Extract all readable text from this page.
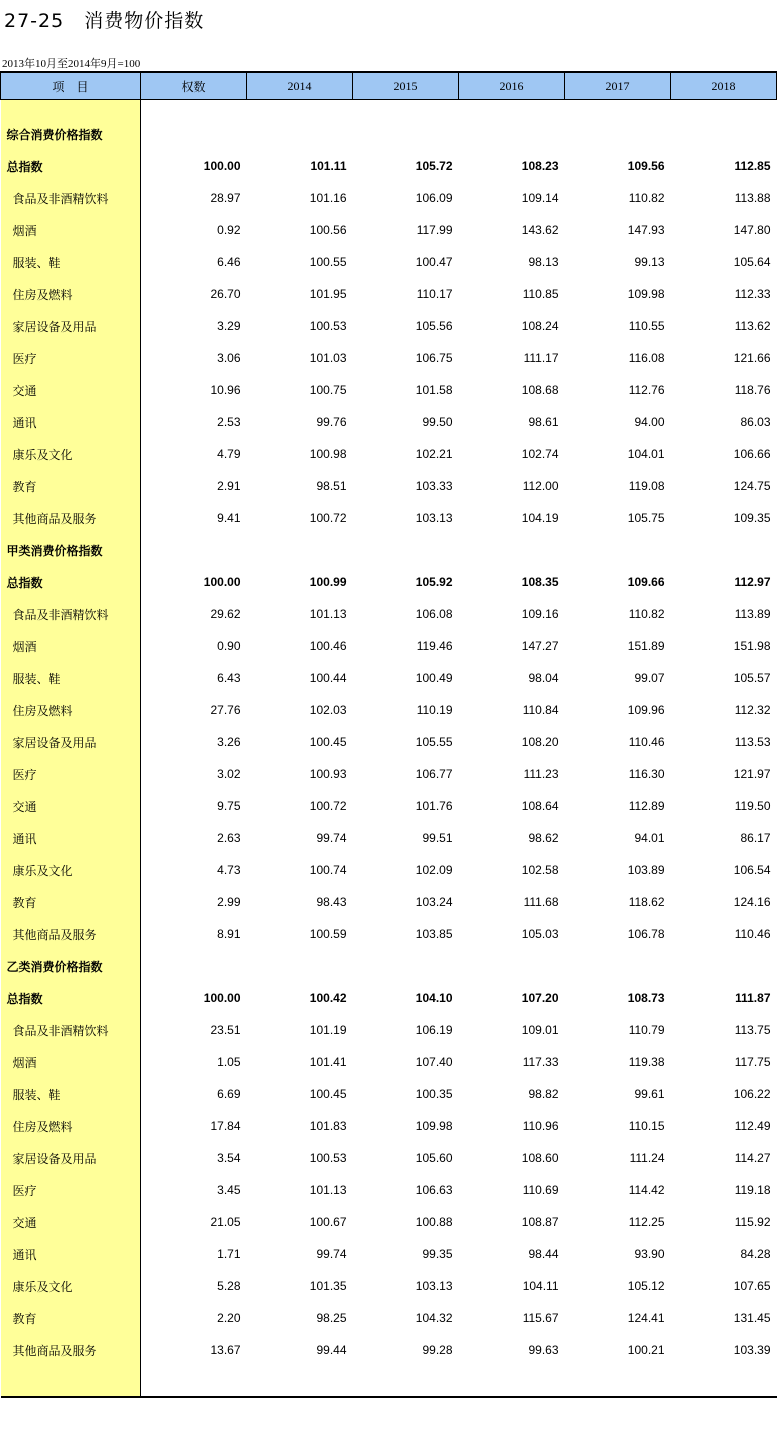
27-25　消费物价指数
2013年10月至2014年9月=100
项　目	权数	2014	2015	2016	2017	2018

综合消费价格指数						
总指数	100.00	101.11	105.72	108.23	109.56	112.85
食品及非酒精饮料	28.97	101.16	106.09	109.14	110.82	113.88
烟酒	0.92	100.56	117.99	143.62	147.93	147.80
服装、鞋	6.46	100.55	100.47	98.13	99.13	105.64
住房及燃料	26.70	101.95	110.17	110.85	109.98	112.33
家居设备及用品	3.29	100.53	105.56	108.24	110.55	113.62
医疗	3.06	101.03	106.75	111.17	116.08	121.66
交通	10.96	100.75	101.58	108.68	112.76	118.76
通讯	2.53	99.76	99.50	98.61	94.00	86.03
康乐及文化	4.79	100.98	102.21	102.74	104.01	106.66
教育	2.91	98.51	103.33	112.00	119.08	124.75
其他商品及服务	9.41	100.72	103.13	104.19	105.75	109.35
甲类消费价格指数						
总指数	100.00	100.99	105.92	108.35	109.66	112.97
食品及非酒精饮料	29.62	101.13	106.08	109.16	110.82	113.89
烟酒	0.90	100.46	119.46	147.27	151.89	151.98
服装、鞋	6.43	100.44	100.49	98.04	99.07	105.57
住房及燃料	27.76	102.03	110.19	110.84	109.96	112.32
家居设备及用品	3.26	100.45	105.55	108.20	110.46	113.53
医疗	3.02	100.93	106.77	111.23	116.30	121.97
交通	9.75	100.72	101.76	108.64	112.89	119.50
通讯	2.63	99.74	99.51	98.62	94.01	86.17
康乐及文化	4.73	100.74	102.09	102.58	103.89	106.54
教育	2.99	98.43	103.24	111.68	118.62	124.16
其他商品及服务	8.91	100.59	103.85	105.03	106.78	110.46
乙类消费价格指数						
总指数	100.00	100.42	104.10	107.20	108.73	111.87
食品及非酒精饮料	23.51	101.19	106.19	109.01	110.79	113.75
烟酒	1.05	101.41	107.40	117.33	119.38	117.75
服装、鞋	6.69	100.45	100.35	98.82	99.61	106.22
住房及燃料	17.84	101.83	109.98	110.96	110.15	112.49
家居设备及用品	3.54	100.53	105.60	108.60	111.24	114.27
医疗	3.45	101.13	106.63	110.69	114.42	119.18
交通	21.05	100.67	100.88	108.87	112.25	115.92
通讯	1.71	99.74	99.35	98.44	93.90	84.28
康乐及文化	5.28	101.35	103.13	104.11	105.12	107.65
教育	2.20	98.25	104.32	115.67	124.41	131.45
其他商品及服务	13.67	99.44	99.28	99.63	100.21	103.39
